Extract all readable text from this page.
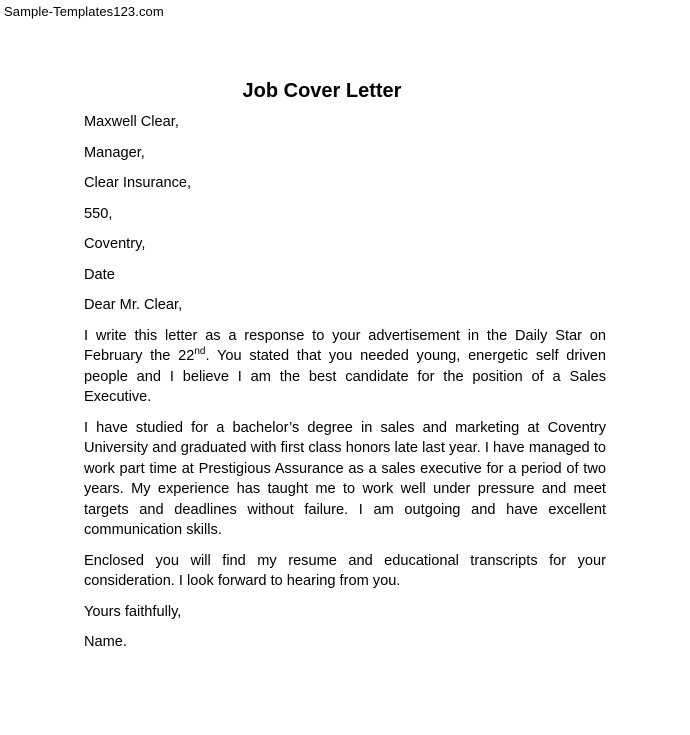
Sample-Templates123.com
Job Cover Letter

Maxwell Clear,

Manager,

Clear Insurance,

550,

Coventry,

Date

Dear Mr. Clear,

I write this letter as a response to your advertisement in the Daily Star on February the 22nd. You stated that you needed young, energetic self driven people and I believe I am the best candidate for the position of a Sales Executive.

I have studied for a bachelor’s degree in sales and marketing at Coventry University and graduated with first class honors late last year. I have managed to work part time at Prestigious Assurance as a sales executive for a period of two years. My experience has taught me to work well under pressure and meet targets and deadlines without failure. I am outgoing and have excellent communication skills.

Enclosed you will find my resume and educational transcripts for your consideration. I look forward to hearing from you.

Yours faithfully,

Name.
